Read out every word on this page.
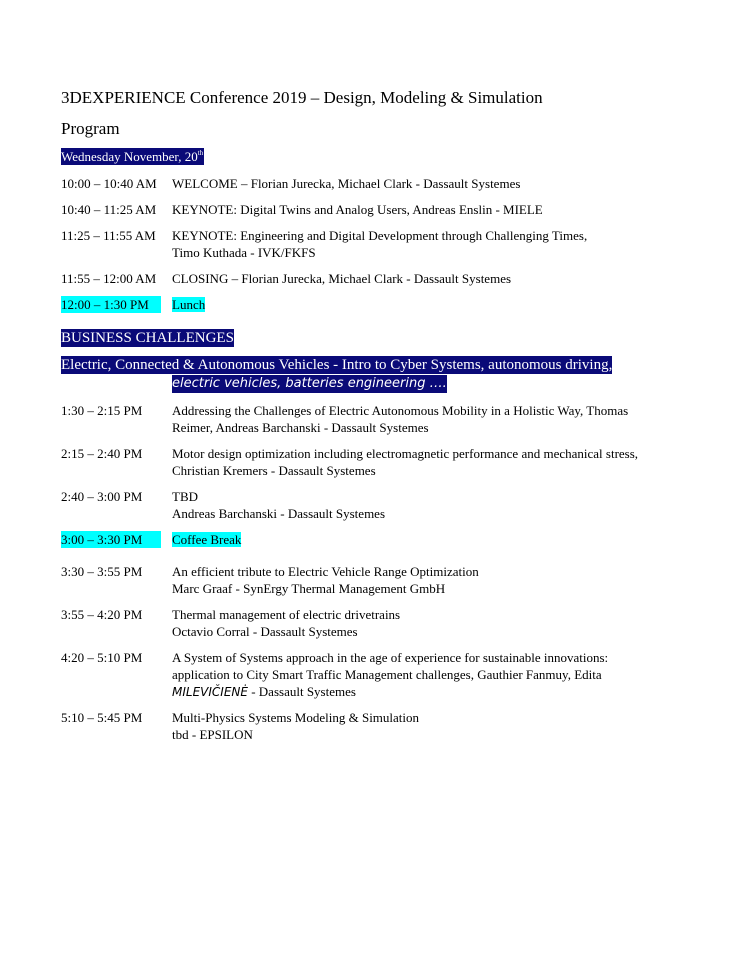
3DEXPERIENCE Conference 2019 – Design, Modeling & Simulation
Program
Wednesday November, 20th
10:00 – 10:40 AM WELCOME – Florian Jurecka, Michael Clark - Dassault Systemes
10:40 – 11:25 AM KEYNOTE: Digital Twins and Analog Users, Andreas Enslin - MIELE
11:25 – 11:55 AM KEYNOTE: Engineering and Digital Development through Challenging Times,
Timo Kuthada - IVK/FKFS
11:55 – 12:00 AM CLOSING – Florian Jurecka, Michael Clark - Dassault Systemes
12:00 – 1:30 PM	Lunch
BUSINESS CHALLENGES
Electric, Connected & Autonomous Vehicles - Intro to Cyber Systems, autonomous driving,
electric vehicles, batteries engineering ….
1:30 – 2:15 PM Addressing the Challenges of Electric Autonomous Mobility in a Holistic Way, Thomas
Reimer, Andreas Barchanski - Dassault Systemes
2:15 – 2:40 PM Motor design optimization including electromagnetic performance and mechanical stress,
Christian Kremers - Dassault Systemes
2:40 – 3:00 PM TBD
Andreas Barchanski - Dassault Systemes
3:00 – 3:30 PM	Coffee Break
3:30 – 3:55 PM An efficient tribute to Electric Vehicle Range Optimization
Marc Graaf - SynErgy Thermal Management GmbH
3:55 – 4:20 PM Thermal management of electric drivetrains
Octavio Corral - Dassault Systemes
4:20 – 5:10 PM A System of Systems approach in the age of experience for sustainable innovations:
application to City Smart Traffic Management challenges, Gauthier Fanmuy, Edita
MILEVIČIENĖ - Dassault Systemes
5:10 – 5:45 PM Multi-Physics Systems Modeling & Simulation
tbd - EPSILON
